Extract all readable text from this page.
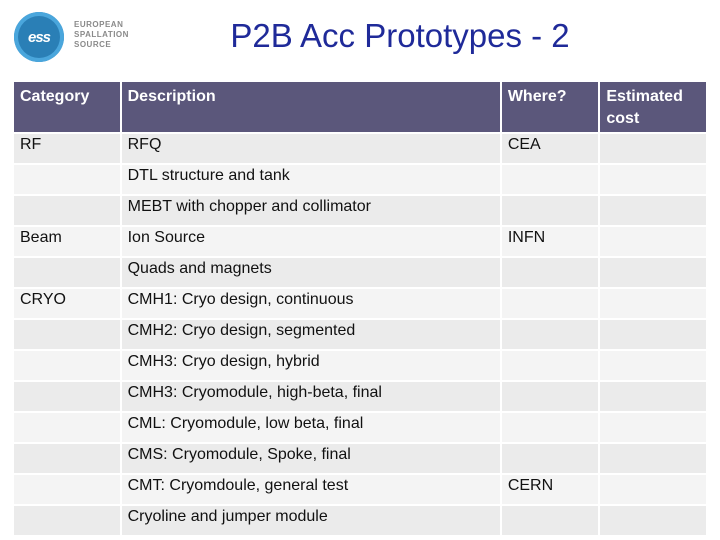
ess
EUROPEAN
SPALLATION
SOURCE	P2B Acc Prototypes - 2
Category	Description	Where?	Estimated cost
RF	RFQ	CEA	
	DTL structure and tank		
	MEBT with chopper and collimator		
Beam	Ion Source	INFN	
	Quads and magnets		
CRYO	CMH1: Cryo design, continuous		
	CMH2: Cryo design, segmented		
	CMH3: Cryo design, hybrid		
	CMH3: Cryomodule, high-beta, final		
	CML: Cryomodule, low beta, final		
	CMS: Cryomodule, Spoke, final		
	CMT: Cryomdoule, general test	CERN	
	Cryoline and jumper module		
